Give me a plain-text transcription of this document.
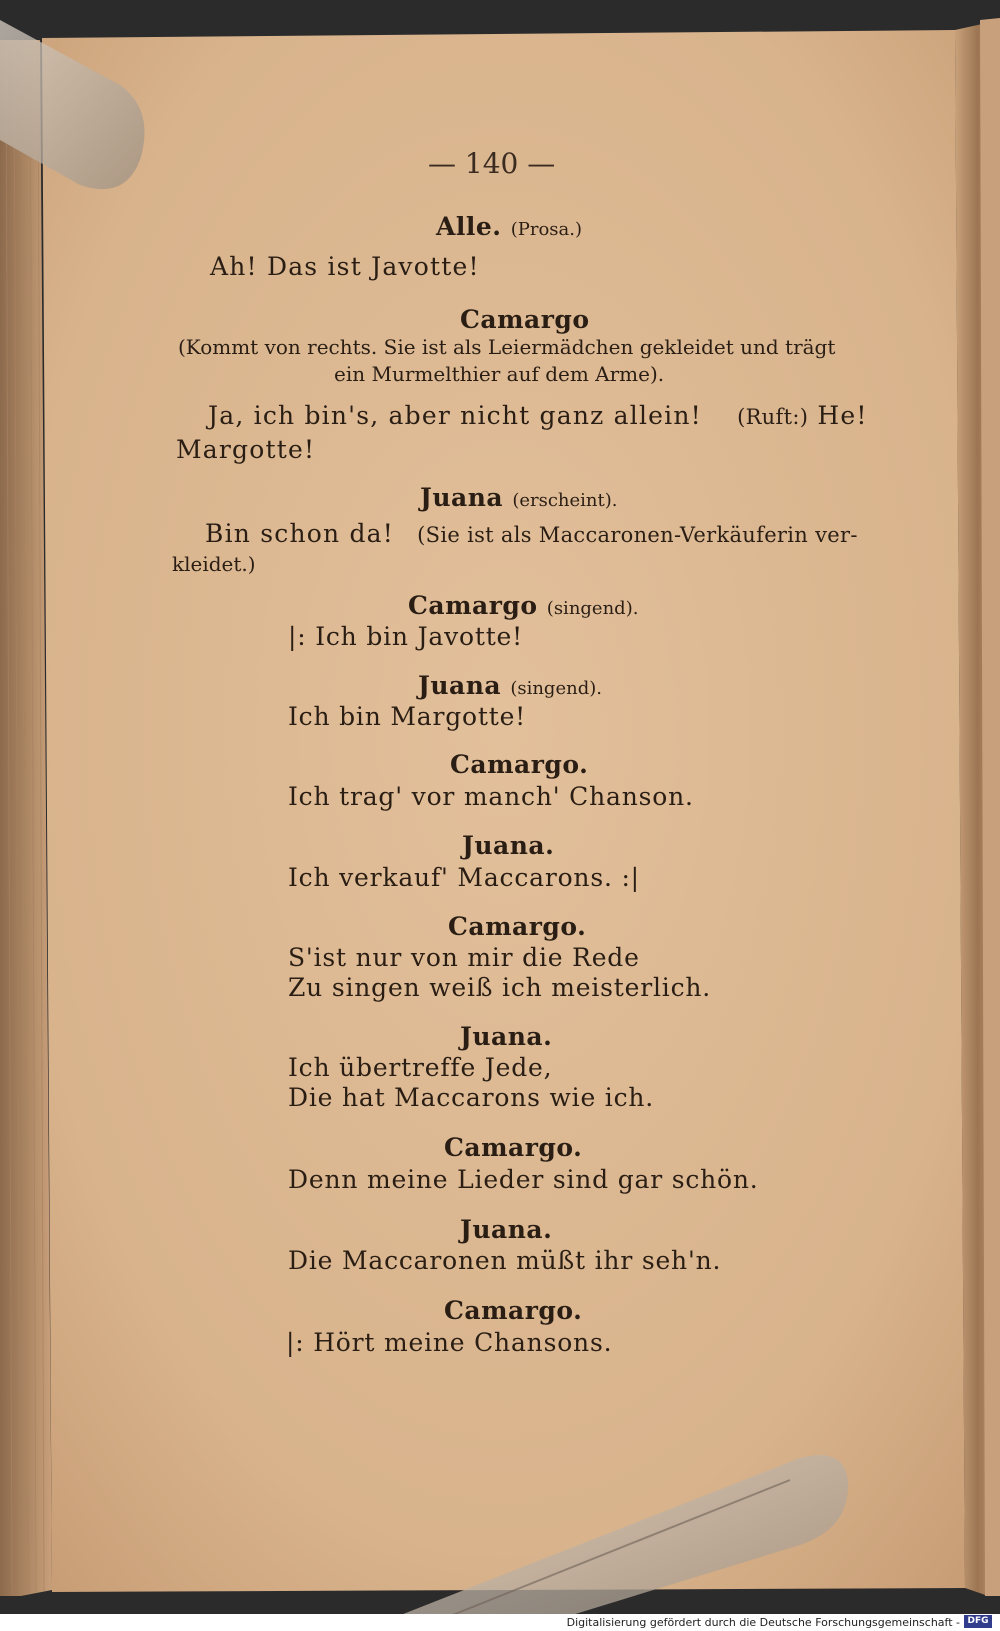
— 140 —

Alle. (Prosa.)

Ah! Das ist Javotte!

Camargo

(Kommt von rechts. Sie ist als Leiermädchen gekleidet und trägt

ein Murmelthier auf dem Arme).

Ja, ich bin's, aber nicht ganz allein! (Ruft:) He!

Margotte!

Juana (erscheint).

Bin schon da! (Sie ist als Maccaronen-Verkäuferin ver-

kleidet.)

Camargo (singend).

|: Ich bin Javotte!

Juana (singend).

Ich bin Margotte!

Camargo.

Ich trag' vor manch' Chanson.

Juana.

Ich verkauf' Maccarons. :|

Camargo.

S'ist nur von mir die Rede

Zu singen weiß ich meisterlich.

Juana.

Ich übertreffe Jede,

Die hat Maccarons wie ich.

Camargo.

Denn meine Lieder sind gar schön.

Juana.

Die Maccaronen müßt ihr seh'n.

Camargo.

|: Hört meine Chansons.

Digitalisierung gefördert durch die Deutsche Forschungsgemeinschaft - DFG
